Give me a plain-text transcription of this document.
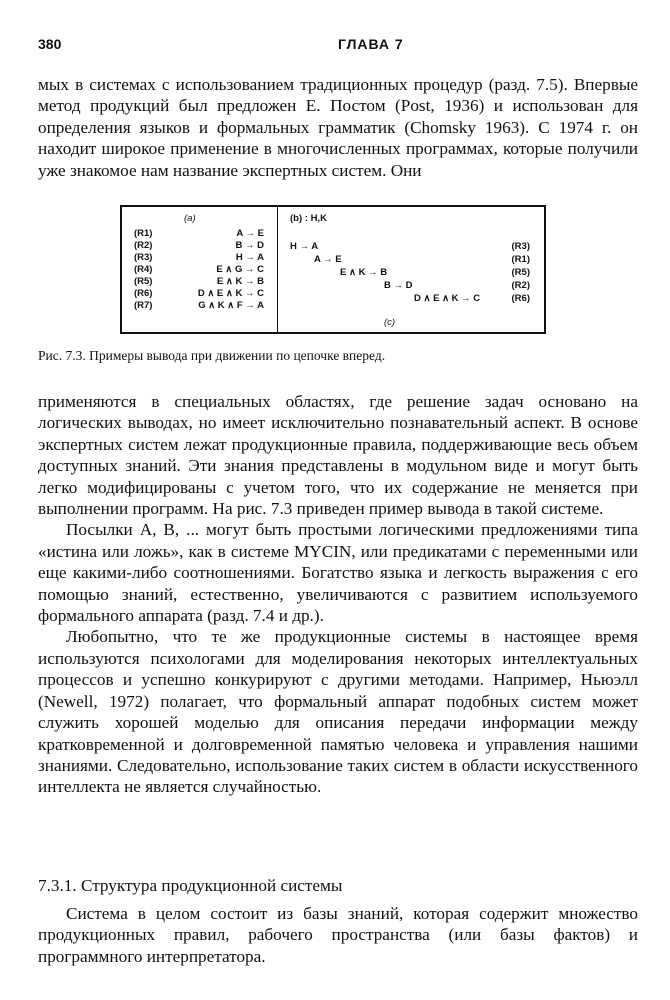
380	ГЛАВА 7

мых в системах с использованием традиционных процедур (разд. 7.5). Впервые метод продукций был предложен Е. Постом (Post, 1936) и использован для определения языков и формальных грамматик (Chomsky 1963). С 1974 г. он находит широкое применение в многочисленных программах, которые получили уже знакомое нам название экспертных систем. Они

(a)	(b) : H,K
(c)
(R1)	A → E
(R2)	B → D
(R3)	H → A
(R4)	E ∧ G → C
(R5)	E ∧ K → B
(R6)	D ∧ E ∧ K → C
(R7)	G ∧ K ∧ F → A
H → A	(R3)
A → E	(R1)
E ∧ K → B	(R5)
B → D	(R2)
D ∧ E ∧ K → C	(R6)
Рис. 7.3. Примеры вывода при движении по цепочке вперед.

применяются в специальных областях, где решение задач основано на логических выводах, но имеет исключительно познавательный аспект. В основе экспертных систем лежат продукционные правила, поддерживающие весь объем доступных знаний. Эти знания представлены в модульном виде и могут быть легко модифицированы с учетом того, что их содержание не меняется при выполнении программ. На рис. 7.3 приведен пример вывода в такой системе.

Посылки A, B, ... могут быть простыми логическими предложениями типа «истина или ложь», как в системе MYCIN, или предикатами с переменными или еще какими-либо соотношениями. Богатство языка и легкость выражения с его помощью знаний, естественно, увеличиваются с развитием используемого формального аппарата (разд. 7.4 и др.).

Любопытно, что те же продукционные системы в настоящее время используются психологами для моделирования некоторых интеллектуальных процессов и успешно конкурируют с другими методами. Например, Ньюэлл (Newell, 1972) полагает, что формальный аппарат подобных систем может служить хорошей моделью для описания передачи информации между кратковременной и долговременной памятью человека и управления нашими знаниями. Следовательно, использование таких систем в области искусственного интеллекта не является случайностью.

7.3.1. Структура продукционной системы

Система в целом состоит из базы знаний, которая содержит множество продукционных правил, рабочего пространства (или базы фактов) и программного интерпретатора.
